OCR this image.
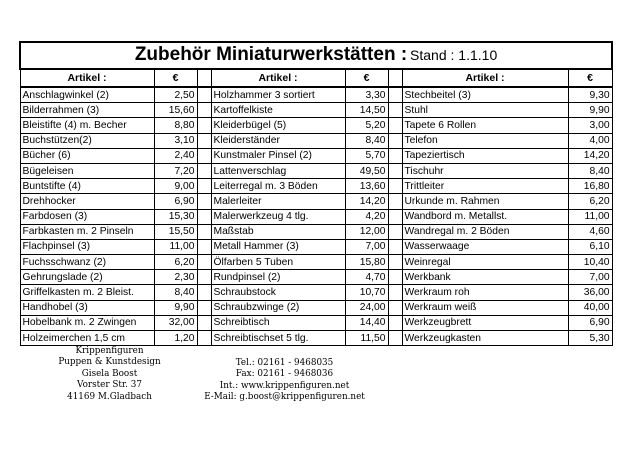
Zubehör Miniaturwerkstätten : Stand : 1.1.10							
Artikel :	€		Artikel :	€		Artikel :	€
Anschlagwinkel (2)	2,50		Holzhammer 3 sortiert	3,30		Stechbeitel (3)	9,30
Bilderrahmen (3)	15,60		Kartoffelkiste	14,50		Stuhl	9,90
Bleistifte (4) m. Becher	8,80		Kleiderbügel (5)	5,20		Tapete 6 Rollen	3,00
Buchstützen(2)	3,10		Kleiderständer	8,40		Telefon	4,00
Bücher (6)	2,40		Kunstmaler Pinsel (2)	5,70		Tapeziertisch	14,20
Bügeleisen	7,20		Lattenverschlag	49,50		Tischuhr	8,40
Buntstifte (4)	9,00		Leiterregal m. 3 Böden	13,60		Trittleiter	16,80
Drehhocker	6,90		Malerleiter	14,20		Urkunde m. Rahmen	6,20
Farbdosen (3)	15,30		Malerwerkzeug 4 tlg.	4,20		Wandbord m. Metallst.	11,00
Farbkasten m. 2 Pinseln	15,50		Maßstab	12,00		Wandregal m. 2 Böden	4,60
Flachpinsel (3)	11,00		Metall Hammer (3)	7,00		Wasserwaage	6,10
Fuchsschwanz (2)	6,20		Ölfarben 5 Tuben	15,80		Weinregal	10,40
Gehrungslade (2)	2,30		Rundpinsel (2)	4,70		Werkbank	7,00
Griffelkasten m. 2 Bleist.	8,40		Schraubstock	10,70		Werkraum roh	36,00
Handhobel (3)	9,90		Schraubzwinge (2)	24,00		Werkraum weiß	40,00
Hobelbank m. 2 Zwingen	32,00		Schreibtisch	14,40		Werkzeugbrett	6,90
Holzeimerchen 1,5 cm	1,20		Schreibtischset 5 tlg.	11,50		Werkzeugkasten	5,30
Krippenfiguren
Puppen & Kunstdesign
Gisela Boost
Vorster Str. 37
41169 M.Gladbach
Tel.: 02161 - 9468035
Fax: 02161 - 9468036
Int.: www.krippenfiguren.net
E-Mail: g.boost@krippenfiguren.net
